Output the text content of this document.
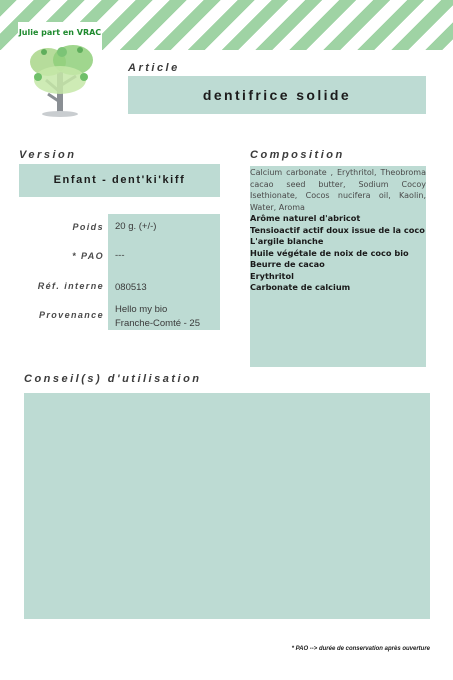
Julie part en VRAC
Article
dentifrice solide
Version
Enfant - dent'ki'kiff
Poids 20 g. (+/-)
* PAO ---
Réf. interne 080513
Provenance Hello my bio
Franche-Comté - 25
Composition
Calcium carbonate , Erythritol, Theobroma cacao seed butter, Sodium Cocoy Isethionate, Cocos nucifera oil, Kaolin, Water, Aroma
Arôme naturel d'abricot
Tensioactif actif doux issue de la coco
L'argile blanche
Huile végétale de noix de coco bio
Beurre de cacao
Erythritol
Carbonate de calcium
Conseil(s) d'utilisation
* PAO --> durée de conservation après ouverture
